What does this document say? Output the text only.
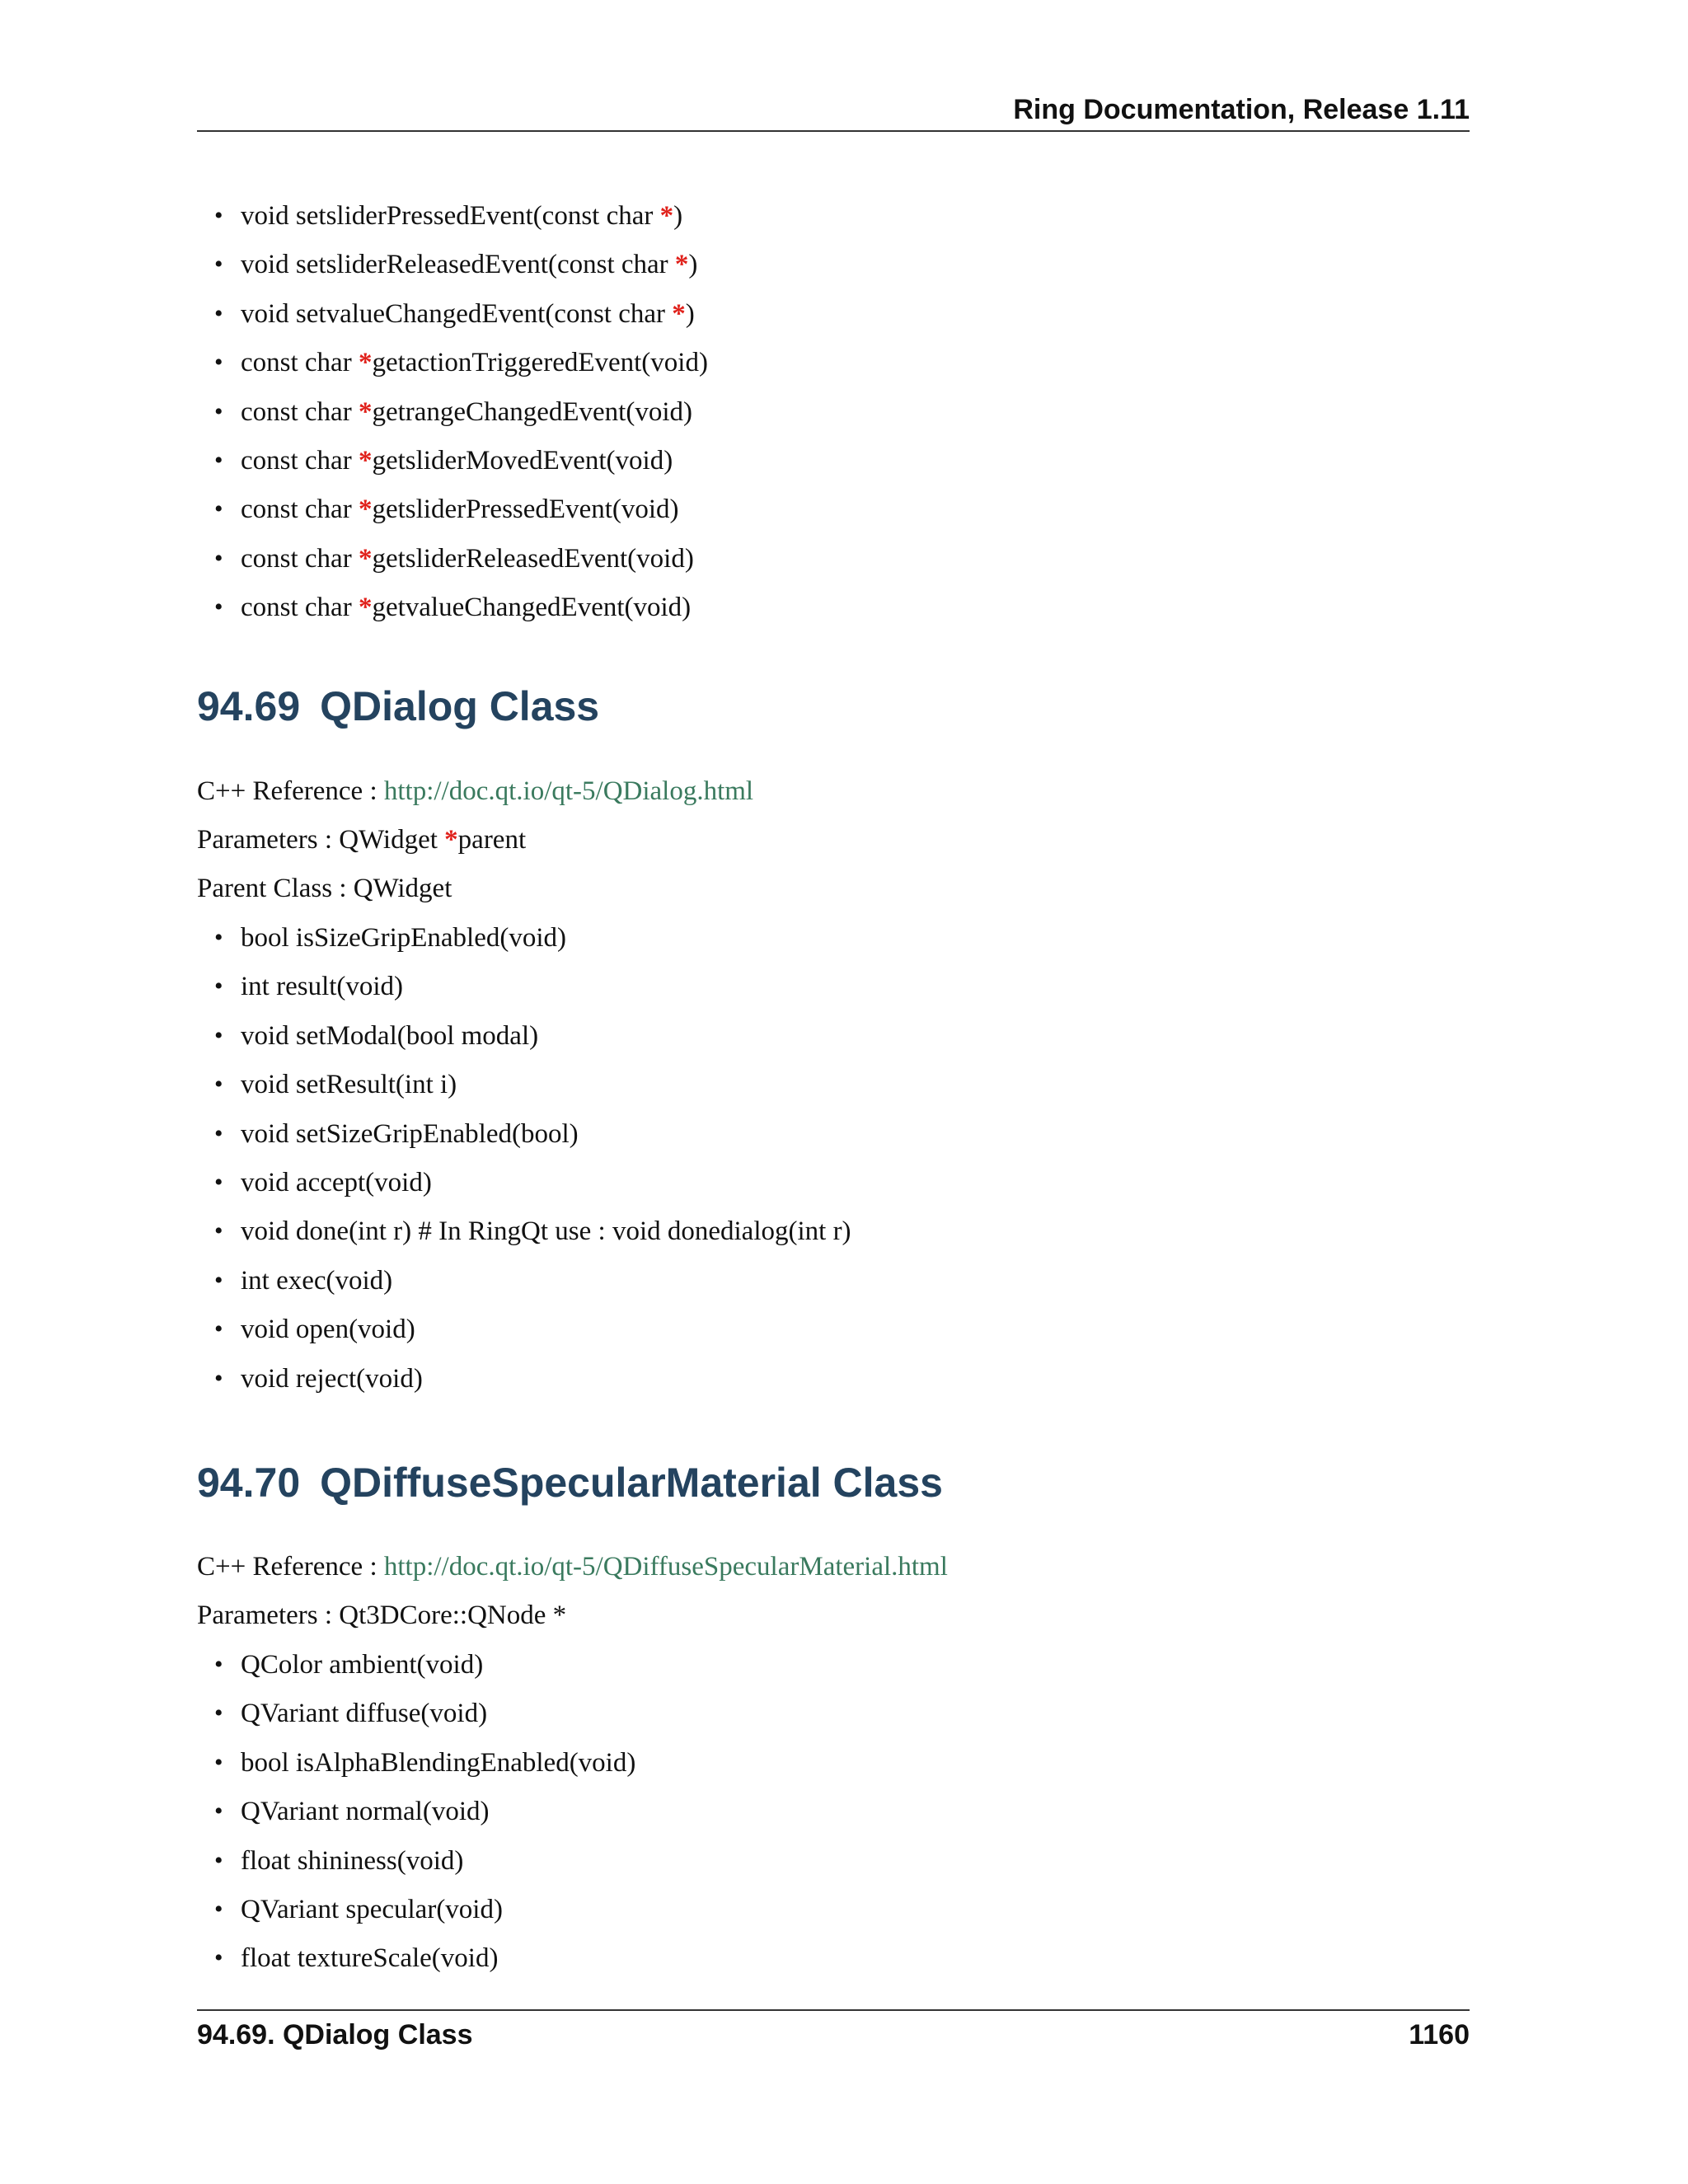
Ring Documentation, Release 1.11
• void setsliderPressedEvent(const char *)
• void setsliderReleasedEvent(const char *)
• void setvalueChangedEvent(const char *)
• const char *getactionTriggeredEvent(void)
• const char *getrangeChangedEvent(void)
• const char *getsliderMovedEvent(void)
• const char *getsliderPressedEvent(void)
• const char *getsliderReleasedEvent(void)
• const char *getvalueChangedEvent(void)
94.69 QDialog Class
C++ Reference : http://doc.qt.io/qt-5/QDialog.html
Parameters : QWidget *parent
Parent Class : QWidget
• bool isSizeGripEnabled(void)
• int result(void)
• void setModal(bool modal)
• void setResult(int i)
• void setSizeGripEnabled(bool)
• void accept(void)
• void done(int r) # In RingQt use : void donedialog(int r)
• int exec(void)
• void open(void)
• void reject(void)
94.70 QDiffuseSpecularMaterial Class
C++ Reference : http://doc.qt.io/qt-5/QDiffuseSpecularMaterial.html
Parameters : Qt3DCore::QNode *
• QColor ambient(void)
• QVariant diffuse(void)
• bool isAlphaBlendingEnabled(void)
• QVariant normal(void)
• float shininess(void)
• QVariant specular(void)
• float textureScale(void)
94.69. QDialog Class	1160
